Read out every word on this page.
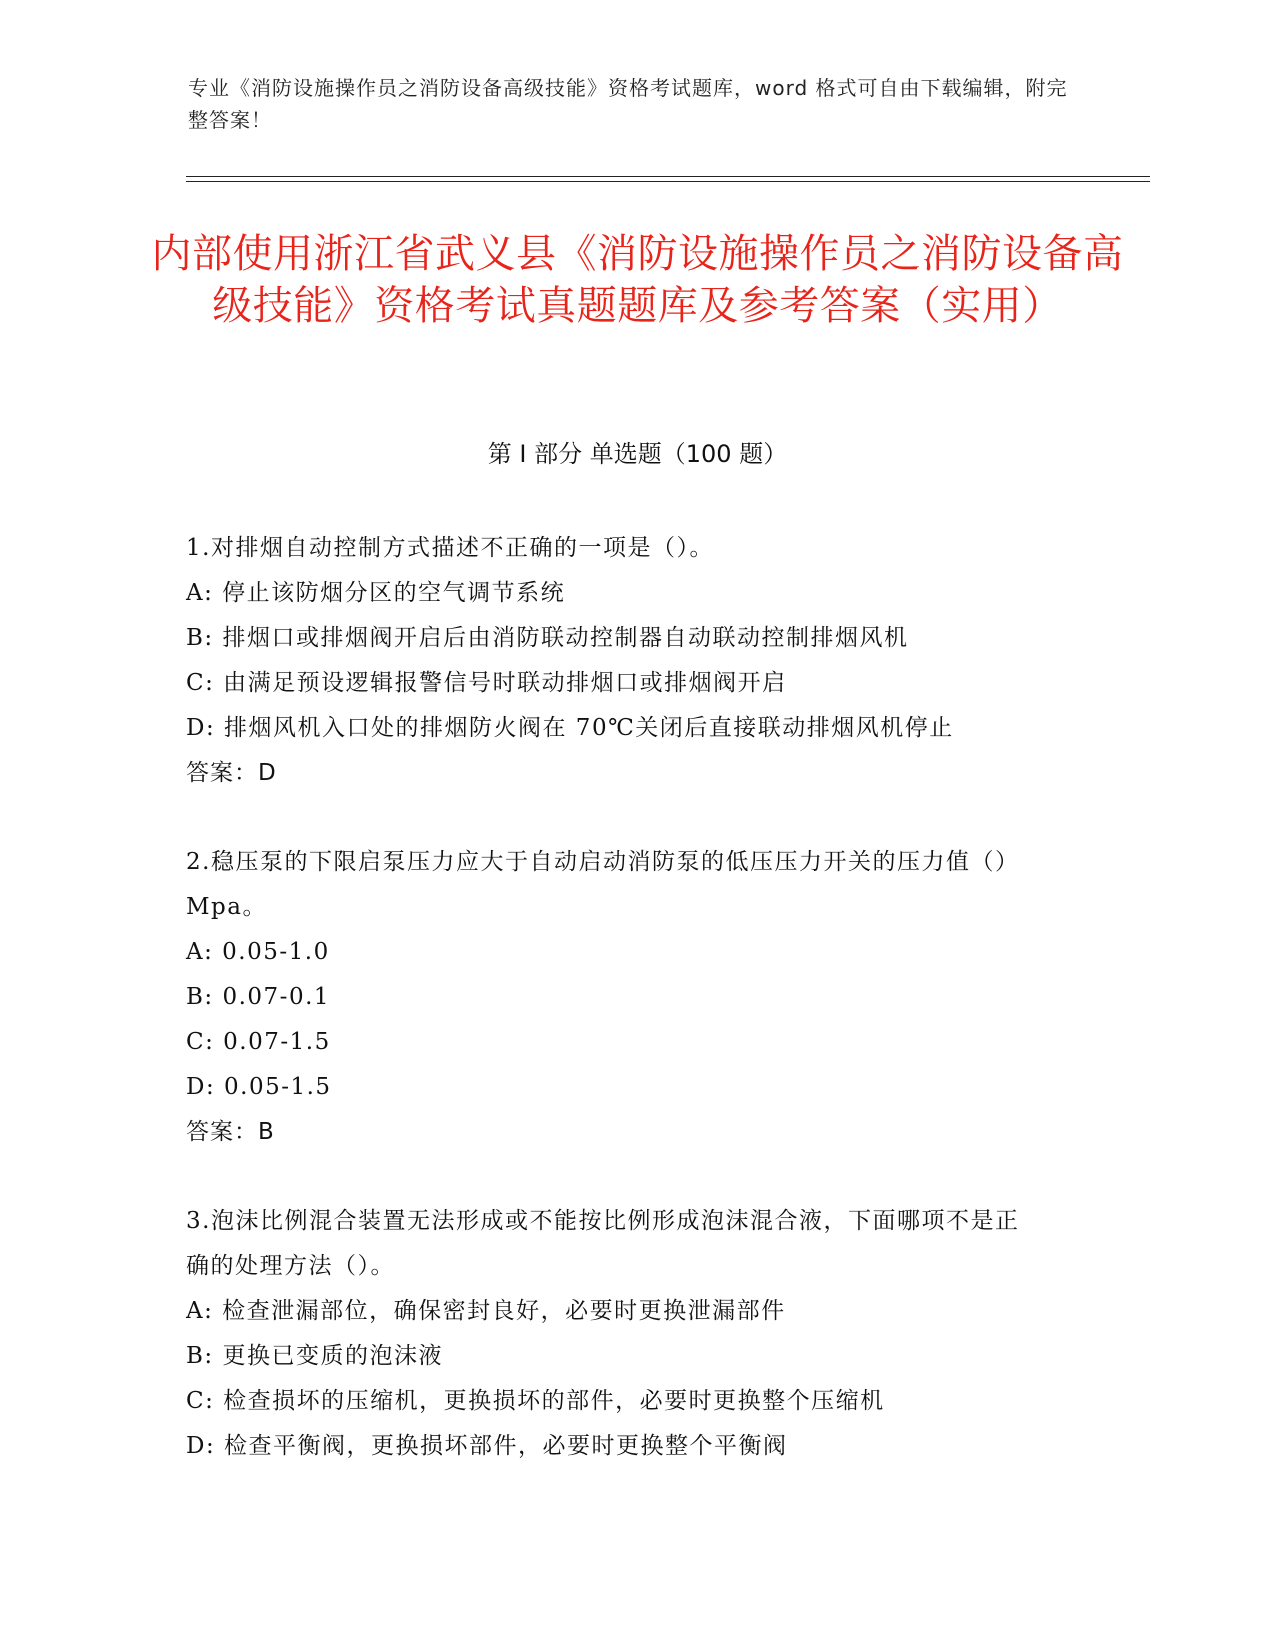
专业《消防设施操作员之消防设备高级技能》资格考试题库，word 格式可自由下载编辑，附完整答案！
内部使用浙江省武义县《消防设施操作员之消防设备高级技能》资格考试真题题库及参考答案（实用）
第 I 部分 单选题（100 题）
1.对排烟自动控制方式描述不正确的一项是（）。
A: 停止该防烟分区的空气调节系统
B: 排烟口或排烟阀开启后由消防联动控制器自动联动控制排烟风机
C: 由满足预设逻辑报警信号时联动排烟口或排烟阀开启
D: 排烟风机入口处的排烟防火阀在 70℃关闭后直接联动排烟风机停止
答案：D
2.稳压泵的下限启泵压力应大于自动启动消防泵的低压压力开关的压力值（）Mpa。
A: 0.05-1.0
B: 0.07-0.1
C: 0.07-1.5
D: 0.05-1.5
答案：B
3.泡沫比例混合装置无法形成或不能按比例形成泡沫混合液，下面哪项不是正确的处理方法（）。
A: 检查泄漏部位，确保密封良好，必要时更换泄漏部件
B: 更换已变质的泡沫液
C: 检查损坏的压缩机，更换损坏的部件，必要时更换整个压缩机
D: 检查平衡阀，更换损坏部件，必要时更换整个平衡阀
